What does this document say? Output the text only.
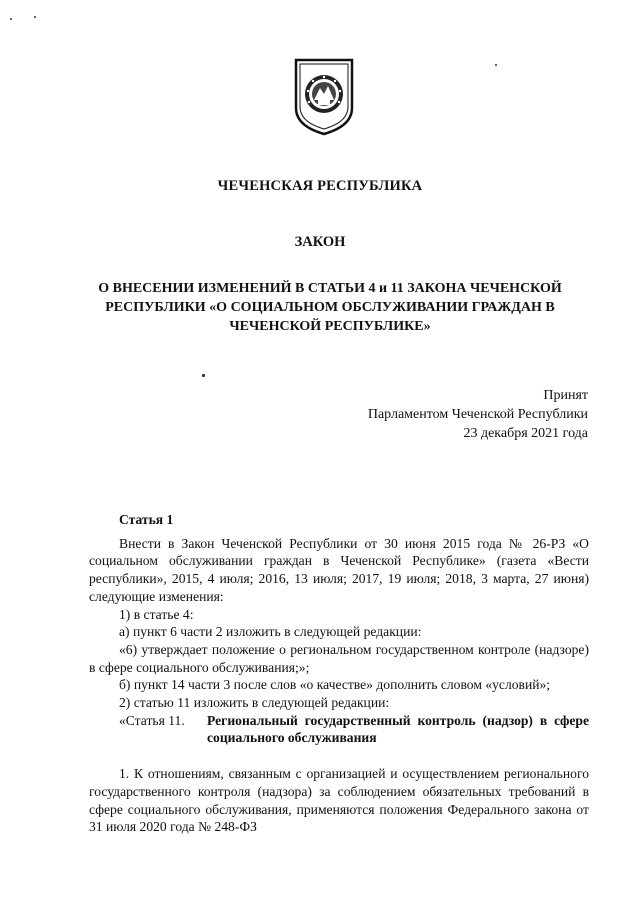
ЧЕЧЕНСКАЯ РЕСПУБЛИКА
ЗАКОН
О ВНЕСЕНИИ ИЗМЕНЕНИЙ В СТАТЬИ 4 и 11 ЗАКОНА ЧЕЧЕНСКОЙ
РЕСПУБЛИКИ «О СОЦИАЛЬНОМ ОБСЛУЖИВАНИИ ГРАЖДАН В
ЧЕЧЕНСКОЙ РЕСПУБЛИКЕ»
Принят
Парламентом Чеченской Республики
23 декабря 2021 года

Статья 1

Внести в Закон Чеченской Республики от 30 июня 2015 года № 26-РЗ «О социальном обслуживании граждан в Чеченской Республике» (газета «Вести республики», 2015, 4 июля; 2016, 13 июля; 2017, 19 июля; 2018, 3 марта, 27 июня) следующие изменения:

1) в статье 4:

а) пункт 6 части 2 изложить в следующей редакции:

«6) утверждает положение о региональном государственном контроле (надзоре) в сфере социального обслуживания;»;

б) пункт 14 части 3 после слов «о качестве» дополнить словом «условий»;

2) статью 11 изложить в следующей редакции:

«Статья 11.	Региональный государственный контроль (надзор) в сфере социального обслуживания

1. К отношениям, связанным с организацией и осуществлением регионального государственного контроля (надзора) за соблюдением обязательных требований в сфере социального обслуживания, применяются положения Федерального закона от 31 июля 2020 года № 248-ФЗ
